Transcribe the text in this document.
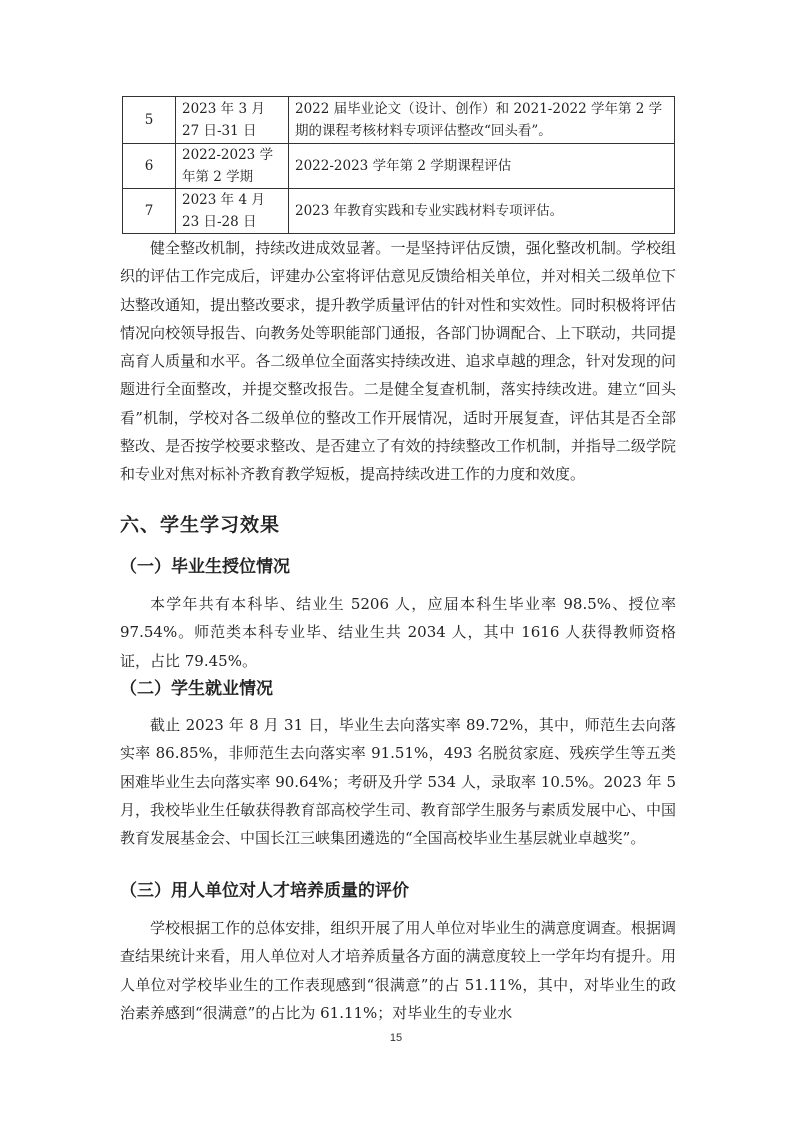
5	2023 年 3 月 27 日-31 日	2022 届毕业论文（设计、创作）和 2021-2022 学年第 2 学期的课程考核材料专项评估整改“回头看”。
6	2022-2023 学年第 2 学期	2022-2023 学年第 2 学期课程评估
7	2023 年 4 月 23 日-28 日	2023 年教育实践和专业实践材料专项评估。

健全整改机制，持续改进成效显著。一是坚持评估反馈，强化整改机制。学校组织的评估工作完成后，评建办公室将评估意见反馈给相关单位，并对相关二级单位下达整改通知，提出整改要求，提升教学质量评估的针对性和实效性。同时积极将评估情况向校领导报告、向教务处等职能部门通报，各部门协调配合、上下联动，共同提高育人质量和水平。各二级单位全面落实持续改进、追求卓越的理念，针对发现的问题进行全面整改，并提交整改报告。二是健全复查机制，落实持续改进。建立“回头看”机制，学校对各二级单位的整改工作开展情况，适时开展复查，评估其是否全部整改、是否按学校要求整改、是否建立了有效的持续整改工作机制，并指导二级学院和专业对焦对标补齐教育教学短板，提高持续改进工作的力度和效度。

六、学生学习效果
（一）毕业生授位情况

本学年共有本科毕、结业生 5206 人，应届本科生毕业率 98.5%、授位率 97.54%。师范类本科专业毕、结业生共 2034 人，其中 1616 人获得教师资格证，占比 79.45%。

（二）学生就业情况

截止 2023 年 8 月 31 日，毕业生去向落实率 89.72%，其中，师范生去向落实率 86.85%，非师范生去向落实率 91.51%，493 名脱贫家庭、残疾学生等五类困难毕业生去向落实率 90.64%；考研及升学 534 人，录取率 10.5%。2023 年 5 月，我校毕业生任敏获得教育部高校学生司、教育部学生服务与素质发展中心、中国教育发展基金会、中国长江三峡集团遴选的“全国高校毕业生基层就业卓越奖”。

（三）用人单位对人才培养质量的评价

学校根据工作的总体安排，组织开展了用人单位对毕业生的满意度调查。根据调查结果统计来看，用人单位对人才培养质量各方面的满意度较上一学年均有提升。用人单位对学校毕业生的工作表现感到“很满意”的占 51.11%，其中，对毕业生的政治素养感到“很满意”的占比为 61.11%；对毕业生的专业水

15
